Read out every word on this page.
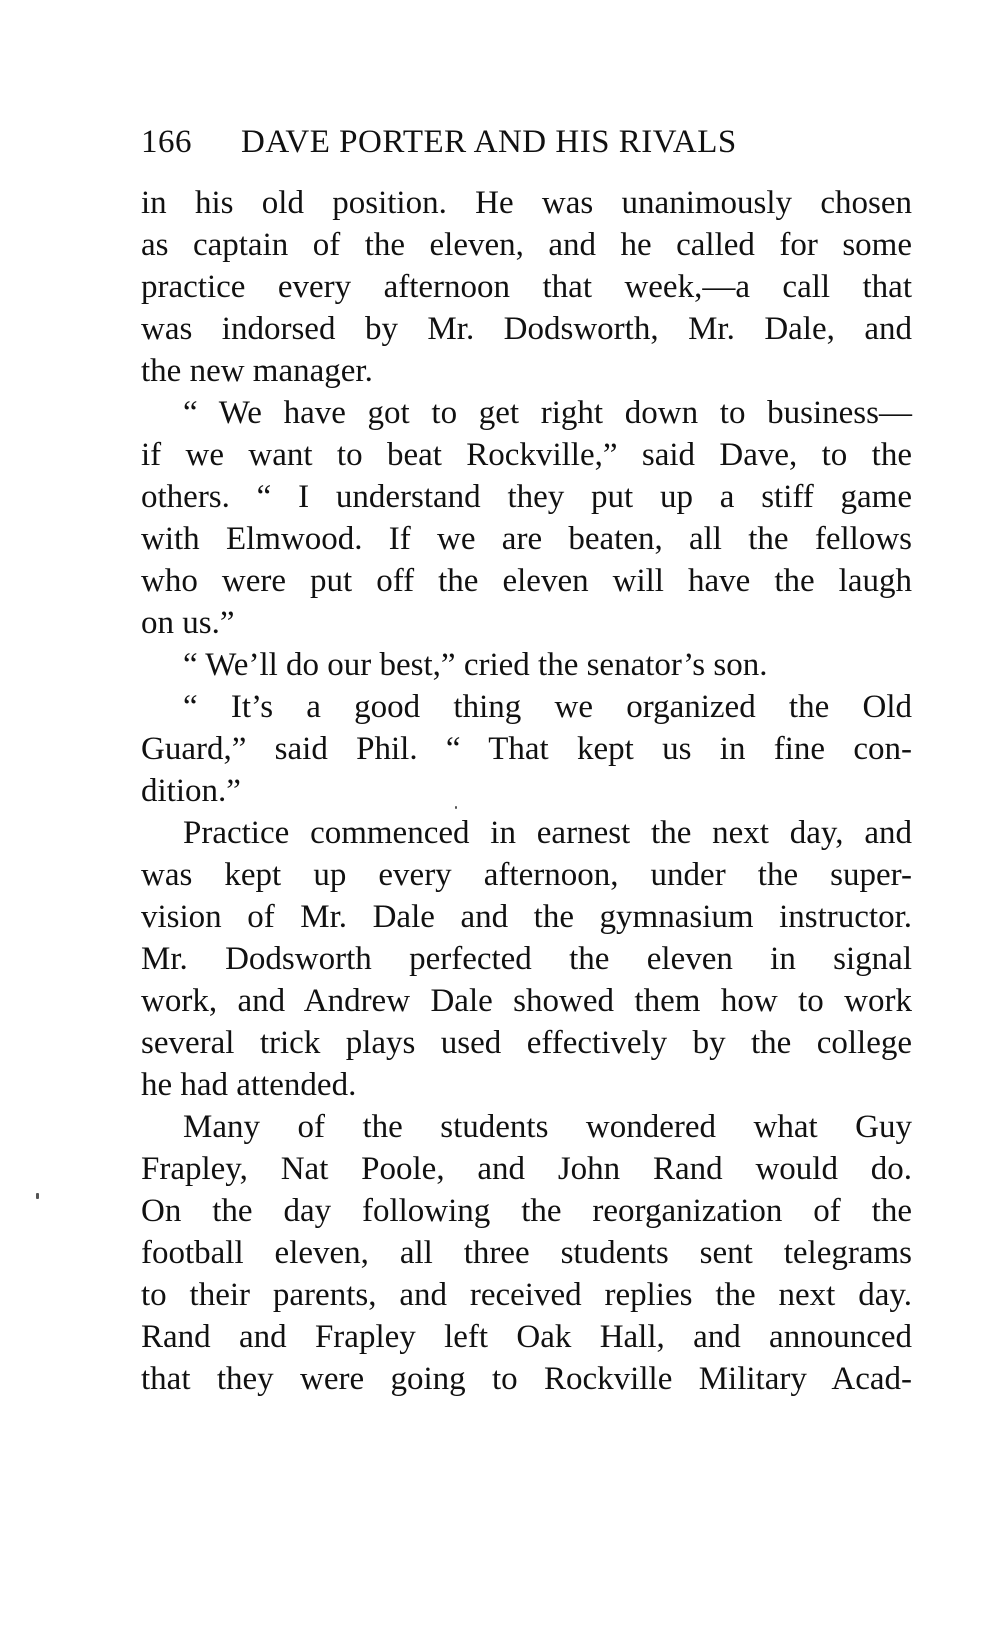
166 DAVE PORTER AND HIS RIVALS
in his old position. He was unanimously chosen
as captain of the eleven, and he called for some
practice every afternoon that week,—a call that
was indorsed by Mr. Dodsworth, Mr. Dale, and
the new manager.
“ We have got to get right down to business—
if we want to beat Rockville,” said Dave, to the
others. “ I understand they put up a stiff game
with Elmwood. If we are beaten, all the fellows
who were put off the eleven will have the laugh
on us.”
“ We’ll do our best,” cried the senator’s son.
“ It’s a good thing we organized the Old
Guard,” said Phil. “ That kept us in fine con-
dition.”
Practice commenced in earnest the next day, and
was kept up every afternoon, under the super-
vision of Mr. Dale and the gymnasium instructor.
Mr. Dodsworth perfected the eleven in signal
work, and Andrew Dale showed them how to work
several trick plays used effectively by the college
he had attended.
Many of the students wondered what Guy
Frapley, Nat Poole, and John Rand would do.
On the day following the reorganization of the
football eleven, all three students sent telegrams
to their parents, and received replies the next day.
Rand and Frapley left Oak Hall, and announced
that they were going to Rockville Military Acad-
